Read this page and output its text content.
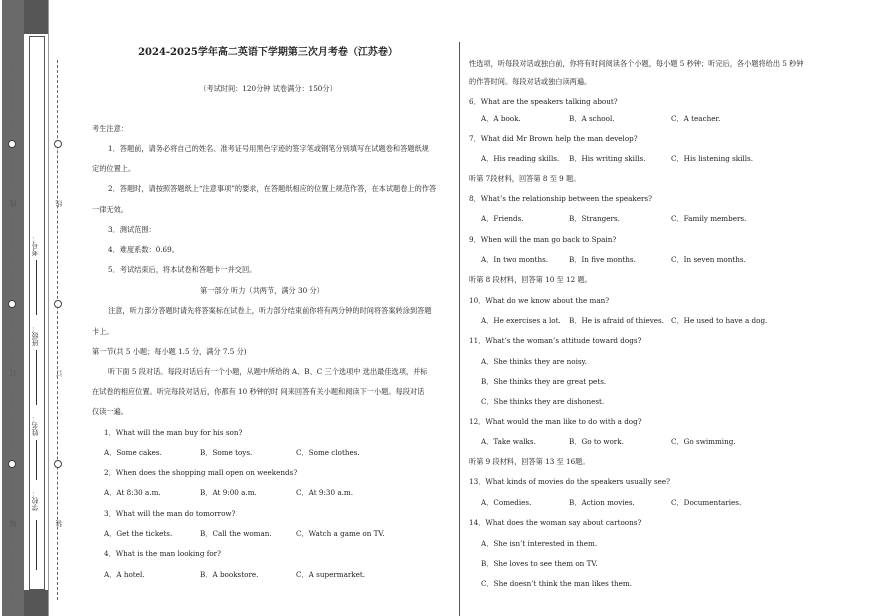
学校：
姓名：
班级：
考号：
线
订
装
线
订
装
2024-2025学年高二英语下学期第三次月考卷（江苏卷）
（考试时间：120分钟 试卷满分：150分）
考生注意：
1．答题前，请务必将自己的姓名、准考证号用黑色字迹的签字笔或钢笔分别填写在试题卷和答题纸规
定的位置上。
2．答题时，请按照答题纸上“注意事项”的要求，在答题纸相应的位置上规范作答，在本试题卷上的作答
一律无效。
3．测试范围：
4．难度系数：0.69。
5．考试结束后，将本试卷和答题卡一并交回。
第一部分 听力（共两节，满分 30 分）
注意，听力部分答题时请先将答案标在试卷上，听力部分结束前你将有两分钟的时间将答案转涂到答题
卡上。
第一节(共 5 小题；每小题 1.5 分，满分 7.5 分)
听下面 5 段对话。每段对话后有一个小题，从题中所给的 A、B、C 三个选项中 选出最佳选项，并标
在试卷的相应位置。听完每段对话后，你都有 10 秒钟的时 间来回答有关小题和阅读下一小题。每段对话
仅读一遍。
1．What will the man buy for his son?
A．Some cakes.	B．Some toys.	C．Some clothes.
2．When does the shopping mall open on weekends?
A．At 8:30 a.m.	B．At 9:00 a.m.	C．At 9:30 a.m.
3．What will the man do tomorrow?
A．Get the tickets.	B．Call the woman.	C．Watch a game on TV.
4．What is the man looking for?
A．A hotel.	B．A bookstore.	C．A supermarket.
性选项，听每段对话或独白前，你将有时间阅读各个小题，每小题 5 秒钟；听完后，各小题将给出 5 秒钟
的作答时间。每段对话或独白读两遍。
6．What are the speakers talking about?
A．A book.	B．A school.	C．A teacher.
7．What did Mr Brown help the man develop?
A．His reading skills. B．His writing skills.	C．His listening skills.
听第 7段材料，回答第 8 至 9 题。
8．What’s the relationship between the speakers?
A．Friends.	B．Strangers.	C．Family members.
9．When will the man go back to Spain?
A．In two months.	B．In five months.	C．In seven months.
听第 8 段材料，回答第 10 至 12 题。
10．What do we know about the man?
A．He exercises a lot. B．He is afraid of thieves. C．He used to have a dog.
11．What’s the woman’s attitude toward dogs?
A．She thinks they are noisy.
B．She thinks they are great pets.
C．She thinks they are dishonest.
12．What would the man like to do with a dog?
A．Take walks.	B．Go to work.	C．Go swimming.
听第 9 段材料，回答第 13 至 16题。
13．What kinds of movies do the speakers usually see?
A．Comedies.	B．Action movies.	C．Documentaries.
14．What does the woman say about cartoons?
A．She isn’t interested in them.
B．She loves to see them on TV.
C．She doesn’t think the man likes them.
